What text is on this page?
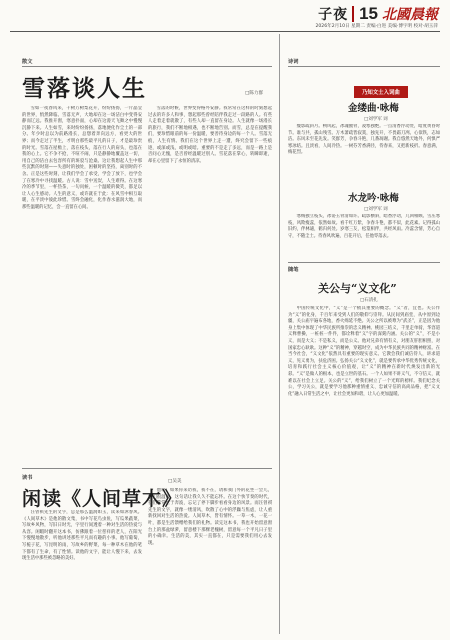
子夜 15 北國晨報
2026年2月10日 星期二 责编·白进 美编·博宇明 校对·胡玉萍
散文
雪落谈人生	□陈力群

雪如一夜春风来，千树万树梨花开，纷纷扬扬，一片晶莹的世界，悄然降临。雪落无声，大地却在这一场洁白中变得安静而辽远。我推开窗，寒意扑面，心却在这漫天飞舞之中慢慢沉静下来。人生如雪，来时纷纷扬扬，落地便化作尘土的一部分。年少时总以为前路漫长，总想着奔向远方，看更大的世界；而今走过了半生，才明白那些最平凡的日子，才是最珍贵的时光。雪落在屋檐上，落在枝头，落在行人的肩头，也落在我的心上。它不争不抢，不喧不闹，只是静静地覆盖这一切，用自己的洁白去包容所有的斑驳与沧桑。这让我想起人生中那些沉默的时刻——失意时的独处，困顿时的坚持，离别时的不舍。正是这些时刻，让我们学会了承受，学会了放下，也学会了在寒冷中寻找温暖。古人说：雪中送炭，人生难得。在这寒冷的季节里，一杯热茶，一句问候，一个温暖的微笑，都足以让人心生感动。人生的意义，或许就在于此：在风雪中相互取暖，在平淡中彼此珍惜。雪终会融化，化作春水滋润大地，而那些温暖的记忆，会一直留在心间。

雪落的时候，世界变得格外安静。我常常在这样的时刻想起过去的许多人和事，想起那些曾经陪伴我走过一段路的人。有些人走着走着就散了，有些人却一直留在身边。人生就像一场漫长的旅行，我们不断地相遇，也不断地告别。而雪，总是在提醒我们，要珍惜眼前的每一份温暖，要善待身边的每一个人。雪落无痕，人生有情。我们在这个世界上走一遭，终究会留下一些痕迹，或深或浅，或明或暗。重要的不是走了多远，而是一路上是否问心无愧，是否曾经温暖过别人。雪花落在掌心，转瞬即逝，却在心里留下了永恒的清凉。

读书
闲读《人间草木》
□吴美

汪曾祺先生的文字，总是那么温润如玉，读来如沐春风。《人间草木》是他的散文集，书中写花鸟虫鱼，写瓜果蔬菜，写故乡风物，写旧日时光，字里行间透着一种对生活的热爱与从容。闲暇时翻开这本书，仿佛跟着一位慈祥的老人，在阳光下慢慢地散步，听他讲述那些平凡而有趣的小事。他写葡萄，写栀子花，写昆明的雨，写故乡的野菜，每一种草木在他的笔下都有了生命，有了性情。读他的文字，能让人慢下来，去发现生活中那些被忽略的美好。

他说：如果你来访我，我不在，请和我门外的花坐一会儿，它们很温暖。这句话让我久久不能忘怀。在这个快节奏的时代，我们常常忙于奔波，忘记了停下脚步看看身边的风景。而汪曾祺先生的文字，就像一缕清风，吹散了心中的浮躁与焦虑，让人重新找回对生活的热爱。人间草木，皆有情怀。一草一木，一花一叶，都是生活馈赠给我们的礼物。读完这本书，我也开始留意窗台上的那盆绿萝，留意楼下那棵老槐树，留意每一个平凡日子里的小确幸。生活的美，其实一直都在，只是需要我们用心去发现。

诗词
乃知文士入词曲
金缕曲·咏梅
□刘学军 词

瘦影疏斜月。朔风起，冰魂傲骨，凌寒独绝。一点清香浮动处，暗度黄昏时节。谁与共，孤山残雪。万木萧疏皆寂寞，独先开，不畏霜刀冽。心似铁，志如洁。东风未至花先发。笑群芳，争春斗艳，几番凋谢。我自悠然天地外，何惧严寒冰结。且淡看，人间冷热。一树芬芳香满径，待春来，又把新枝折。春意满，梅花烈。

水龙吟·咏梅
□刘学军 词

寒梅独立枝头，冰姿玉骨清如许。疏影横斜，暗香浮动，几回相顾。雪压寒枝，风欺瘦蕊，依然如故。看千红万紫，争春斗艳，都不似，此花素。记得孤山旧约，伴林逋，鹤归何处。岁寒三友，松篁相伴，共经风雨。冷蕊含情，芳心自守，不随尘土。待春风吹遍，百花开后，任他零落去。

随笔
关公与“义文化”
□石清扎

中国传统文化中，“义”是一个极其重要的概念。“义”者，宜也。关公作为“义”的化身，千百年来受到人们的敬仰与崇拜。从民间到庙堂，从中原到边疆，关公庙宇遍布各地，香火绵延不绝。关公之所以被尊为“武圣”，正是因为他身上集中体现了中华民族所推崇的忠义精神。桃园三结义，千里走单骑，华容道义释曹操，一桩桩一件件，都诠释着“义”字的深刻内涵。关公的“义”，不是小义，而是大义；不是私义，而是公义。他对兄弟有情有义，对朋友肝胆相照，对国家忠心耿耿。这种“义”的精神，穿越时空，成为中华民族共同的精神财富。在当今社会，“义文化”依然具有重要的现实意义。它教会我们诚信待人，讲求道义，见义勇为，扶危济困。弘扬关公“义文化”，就是要传承中华优秀传统文化，培育和践行社会主义核心价值观，让“义”的精神在新时代焕发出新的光彩。“义”是做人的根本，也是立世的基石。一个人如果不讲义气，不守信义，就难以在社会上立足。关公的“义”，给我们树立了一个光辉的榜样。我们纪念关公，学习关公，就是要学习他那种重情重义、忠诚守信的高尚品格，把“义文化”融入日常生活之中，让社会更加和谐，让人心更加温暖。
